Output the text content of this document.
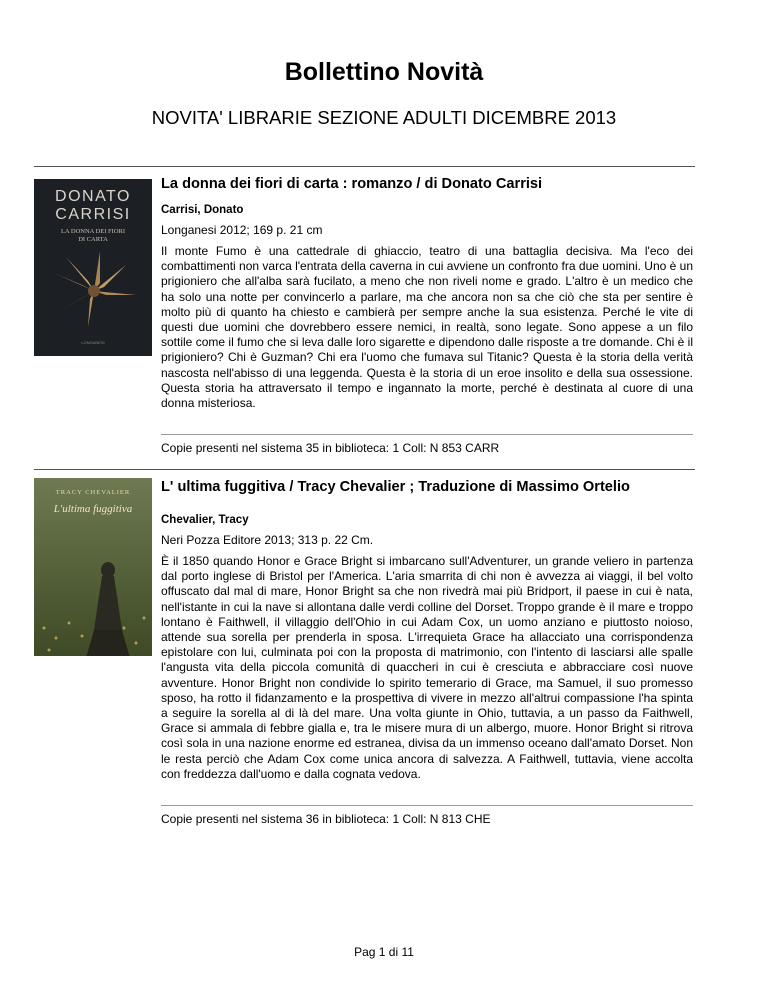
Bollettino Novità
NOVITA' LIBRARIE SEZIONE ADULTI DICEMBRE 2013
DONATO
CARRISI
LA DONNA DEI FIORI
DI CARTA
LONGANESI

La donna dei fiori di carta : romanzo / di Donato Carrisi

Carrisi, Donato

Longanesi 2012; 169 p. 21 cm

Il monte Fumo è una cattedrale di ghiaccio, teatro di una battaglia decisiva. Ma l'eco dei combattimenti non varca l'entrata della caverna in cui avviene un confronto fra due uomini. Uno è un prigioniero che all'alba sarà fucilato, a meno che non riveli nome e grado. L'altro è un medico che ha solo una notte per convincerlo a parlare, ma che ancora non sa che ciò che sta per sentire è molto più di quanto ha chiesto e cambierà per sempre anche la sua esistenza. Perché le vite di questi due uomini che dovrebbero essere nemici, in realtà, sono legate. Sono appese a un filo sottile come il fumo che si leva dalle loro sigarette e dipendono dalle risposte a tre domande. Chi è il prigioniero? Chi è Guzman? Chi era l'uomo che fumava sul Titanic? Questa è la storia della verità nascosta nell'abisso di una leggenda. Questa è la storia di un eroe insolito e della sua ossessione. Questa storia ha attraversato il tempo e ingannato la morte, perché è destinata al cuore di una donna misteriosa.

Copie presenti nel sistema 35 in biblioteca: 1 Coll: N 853 CARR

TRACY CHEVALIER
L'ultima fuggitiva

L' ultima fuggitiva / Tracy Chevalier ; Traduzione di Massimo Ortelio

Chevalier, Tracy

Neri Pozza Editore 2013; 313 p. 22 Cm.

È il 1850 quando Honor e Grace Bright si imbarcano sull'Adventurer, un grande veliero in partenza dal porto inglese di Bristol per l'America. L'aria smarrita di chi non è avvezza ai viaggi, il bel volto offuscato dal mal di mare, Honor Bright sa che non rivedrà mai più Bridport, il paese in cui è nata, nell'istante in cui la nave si allontana dalle verdi colline del Dorset. Troppo grande è il mare e troppo lontano è Faithwell, il villaggio dell'Ohio in cui Adam Cox, un uomo anziano e piuttosto noioso, attende sua sorella per prenderla in sposa. L'irrequieta Grace ha allacciato una corrispondenza epistolare con lui, culminata poi con la proposta di matrimonio, con l'intento di lasciarsi alle spalle l'angusta vita della piccola comunità di quaccheri in cui è cresciuta e abbracciare così nuove avventure. Honor Bright non condivide lo spirito temerario di Grace, ma Samuel, il suo promesso sposo, ha rotto il fidanzamento e la prospettiva di vivere in mezzo all'altrui compassione l'ha spinta a seguire la sorella al di là del mare. Una volta giunte in Ohio, tuttavia, a un passo da Faithwell, Grace si ammala di febbre gialla e, tra le misere mura di un albergo, muore. Honor Bright si ritrova così sola in una nazione enorme ed estranea, divisa da un immenso oceano dall'amato Dorset. Non le resta perciò che Adam Cox come unica ancora di salvezza. A Faithwell, tuttavia, viene accolta con freddezza dall'uomo e dalla cognata vedova.

Copie presenti nel sistema 36 in biblioteca: 1 Coll: N 813 CHE

Pag 1 di 11
